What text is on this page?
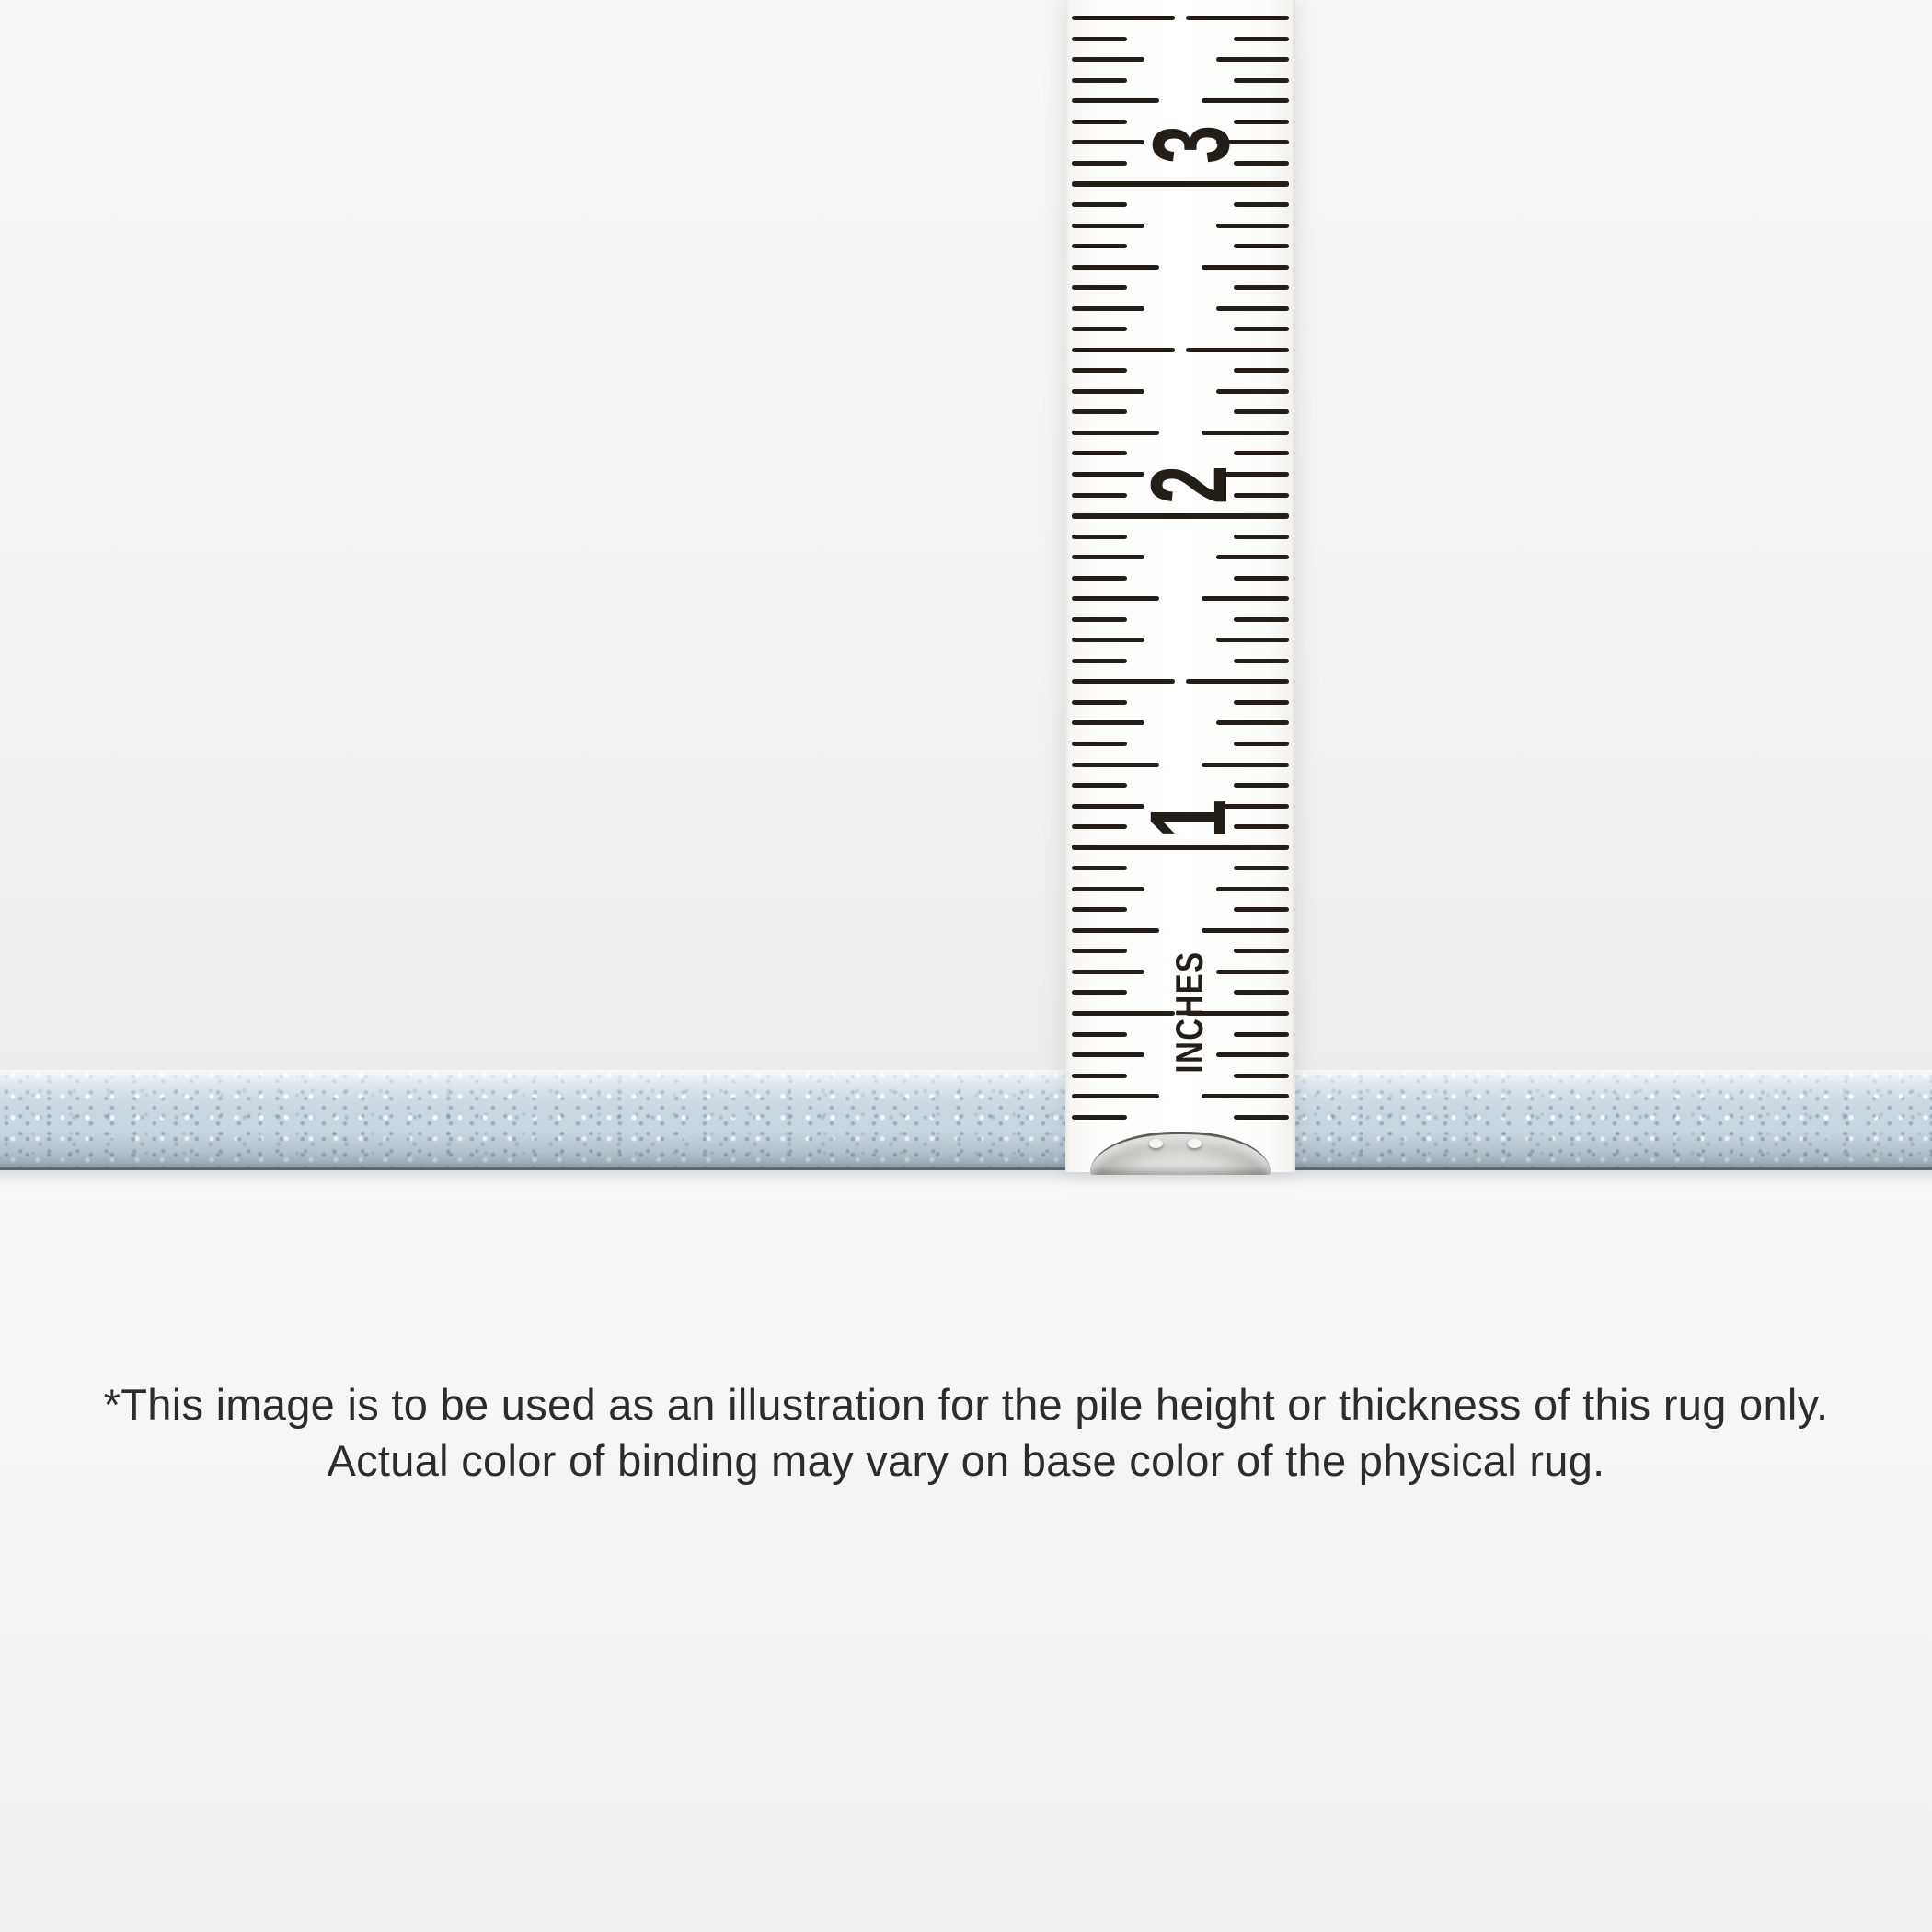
3
2
1
INCHES
*This image is to be used as an illustration for the pile height or thickness of this rug only.
Actual color of binding may vary on base color of the physical rug.
